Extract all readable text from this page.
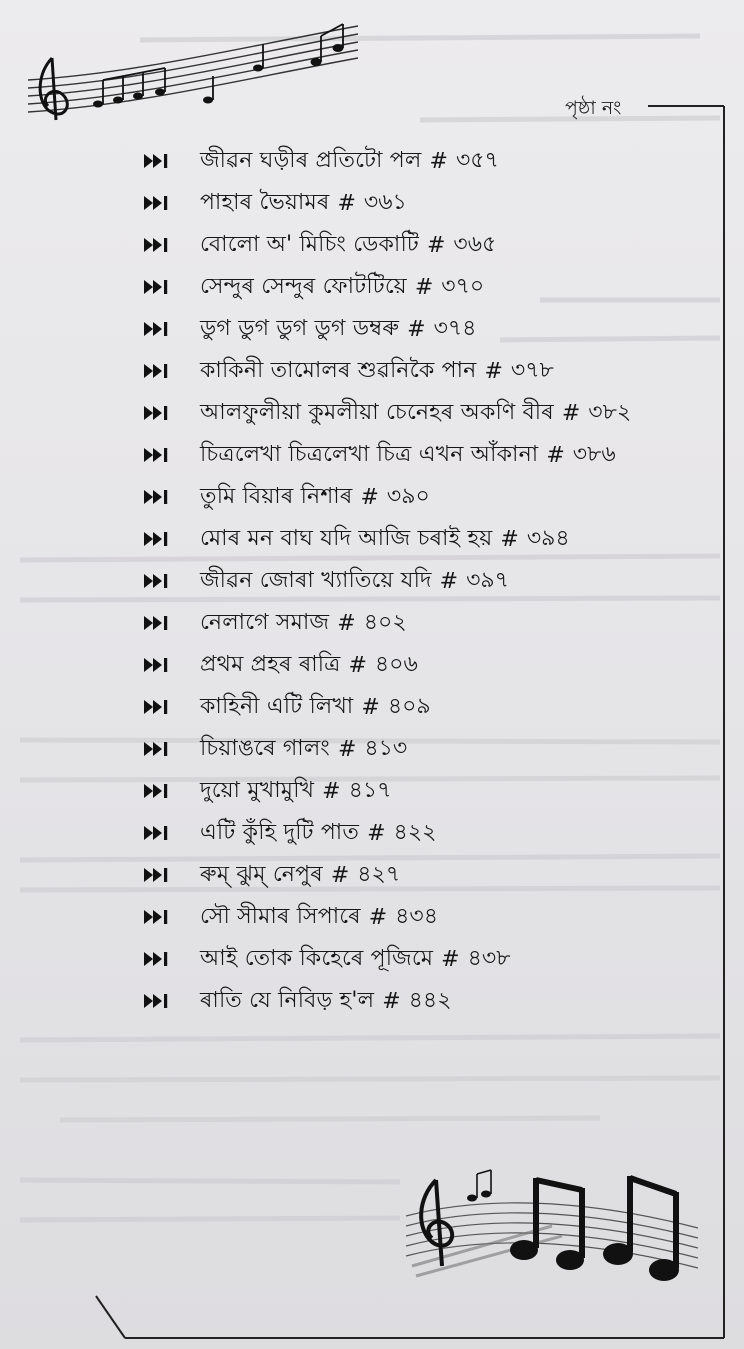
পৃষ্ঠা নং
জীৱন ঘড়ীৰ প্ৰতিটো পল # ৩৫৭
পাহাৰ ভৈয়ামৰ # ৩৬১
বোলো অ' মিচিং ডেকাটি # ৩৬৫
সেন্দুৰ সেন্দুৰ ফোটটিয়ে # ৩৭০
ডুগ ডুগ ডুগ ডুগ ডম্বৰু # ৩৭৪
কাকিনী তামোলৰ শুৱনিকৈ পান # ৩৭৮
আলফুলীয়া কুমলীয়া চেনেহৰ অকণি বীৰ # ৩৮২
চিত্ৰলেখা চিত্ৰলেখা চিত্ৰ এখন আঁকানা # ৩৮৬
তুমি বিয়াৰ নিশাৰ # ৩৯০
মোৰ মন বাঘ যদি আজি চৰাই হয় # ৩৯৪
জীৱন জোৰা খ্যাতিয়ে যদি # ৩৯৭
নেলাগে সমাজ # ৪০২
প্ৰথম প্ৰহৰ ৰাত্ৰি # ৪০৬
কাহিনী এটি লিখা # ৪০৯
চিয়াঙৰে গালং # ৪১৩
দুয়ো মুখামুখি # ৪১৭
এটি কুঁহি দুটি পাত # ৪২২
ৰুম্ ঝুম্ নেপুৰ # ৪২৭
সৌ সীমাৰ সিপাৰে # ৪৩৪
আই তোক কিহেৰে পূজিমে # ৪৩৮
ৰাতি যে নিবিড় হ'ল # ৪৪২
